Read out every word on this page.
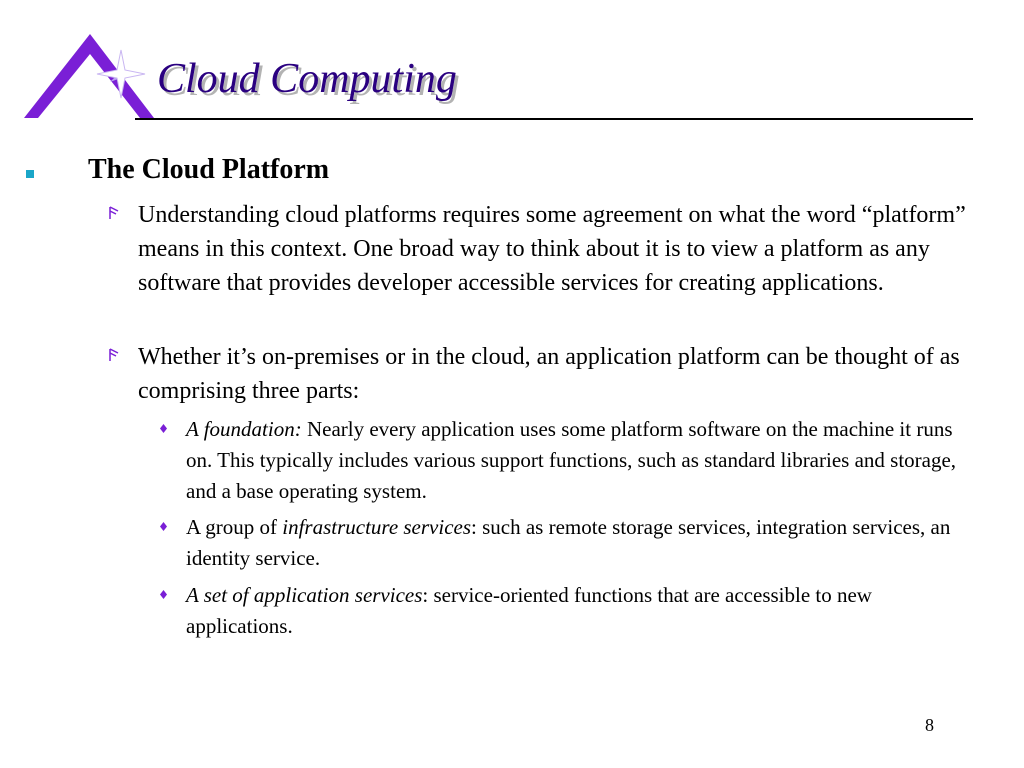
Cloud Computing
The Cloud Platform
Understanding cloud platforms requires some agreement on what the word “platform” means in this context. One broad way to think about it is to view a platform as any software that provides developer accessible services for creating applications.
Whether it’s on-premises or in the cloud, an application platform can be thought of as comprising three parts:
A foundation: Nearly every application uses some platform software on the machine it runs on. This typically includes various support functions, such as standard libraries and storage, and a base operating system.
A group of infrastructure services: such as remote storage services, integration services, an identity service.
A set of application services: service-oriented functions that are accessible to new applications.
8
